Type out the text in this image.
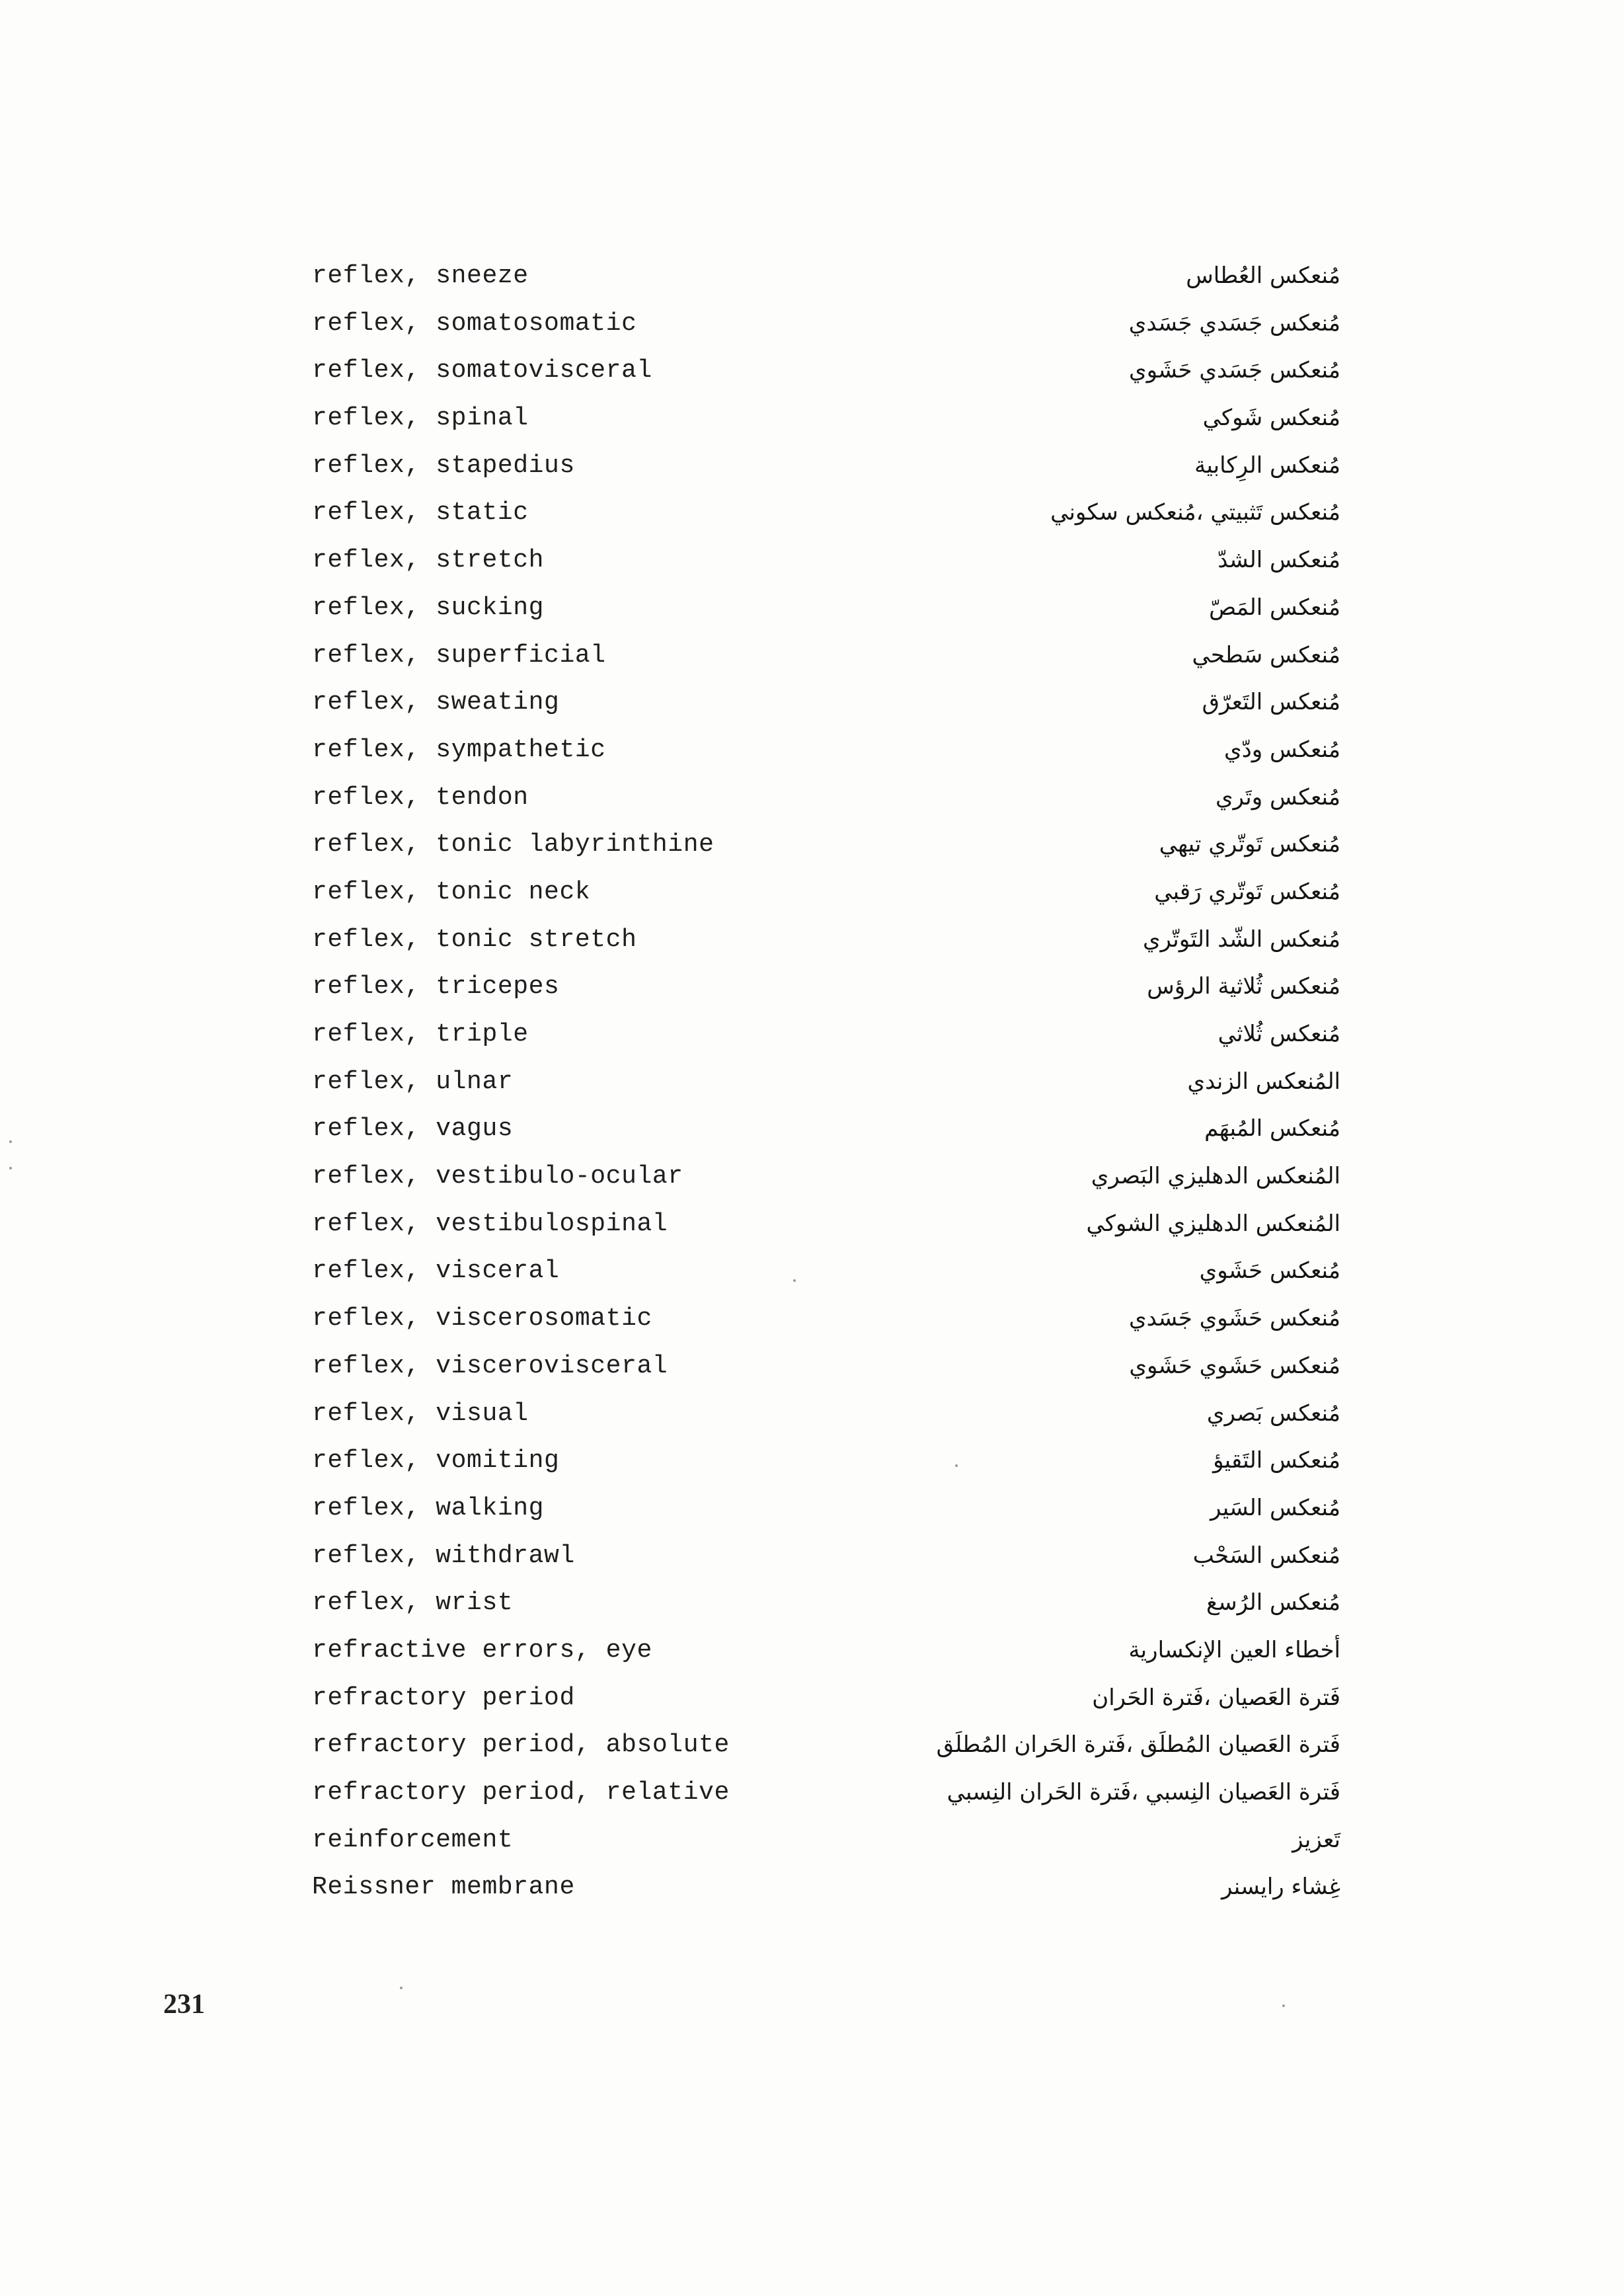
reflex, sneeze	مُنعكس العُطاس
reflex, somatosomatic	مُنعكس جَسَدي جَسَدي
reflex, somatovisceral	مُنعكس جَسَدي حَشَوي
reflex, spinal	مُنعكس شَوكي
reflex, stapedius	مُنعكس الرِكابية
reflex, static	مُنعكس تَثبيتي ،مُنعكس سكوني
reflex, stretch	مُنعكس الشدّ
reflex, sucking	مُنعكس المَصّ
reflex, superficial	مُنعكس سَطحي
reflex, sweating	مُنعكس التَعرّق
reflex, sympathetic	مُنعكس ودّي
reflex, tendon	مُنعكس وتَري
reflex, tonic labyrinthine	مُنعكس تَوتّري تيهي
reflex, tonic neck	مُنعكس تَوتّري رَقبي
reflex, tonic stretch	مُنعكس الشّد التَوتّري
reflex, tricepes	مُنعكس ثُلاثية الرؤس
reflex, triple	مُنعكس ثُلاثي
reflex, ulnar	المُنعكس الزندي
reflex, vagus	مُنعكس المُبهَم
reflex, vestibulo-ocular	المُنعكس الدهليزي البَصري
reflex, vestibulospinal	المُنعكس الدهليزي الشوكي
reflex, visceral	مُنعكس حَشَوي
reflex, viscerosomatic	مُنعكس حَشَوي جَسَدي
reflex, viscerovisceral	مُنعكس حَشَوي حَشَوي
reflex, visual	مُنعكس بَصري
reflex, vomiting	مُنعكس التَقيؤ
reflex, walking	مُنعكس السَير
reflex, withdrawl	مُنعكس السَحْب
reflex, wrist	مُنعكس الرُسغ
refractive errors, eye	أخطاء العين الإنكسارية
refractory period	فَترة العَصيان ،فَترة الحَران
refractory period, absolute	فَترة العَصيان المُطلَق ،فَترة الحَران المُطلَق
refractory period, relative	فَترة العَصيان النِسبي ،فَترة الحَران النِسبي
reinforcement	تَعزيز
Reissner membrane	غِشاء رايسنر
231
